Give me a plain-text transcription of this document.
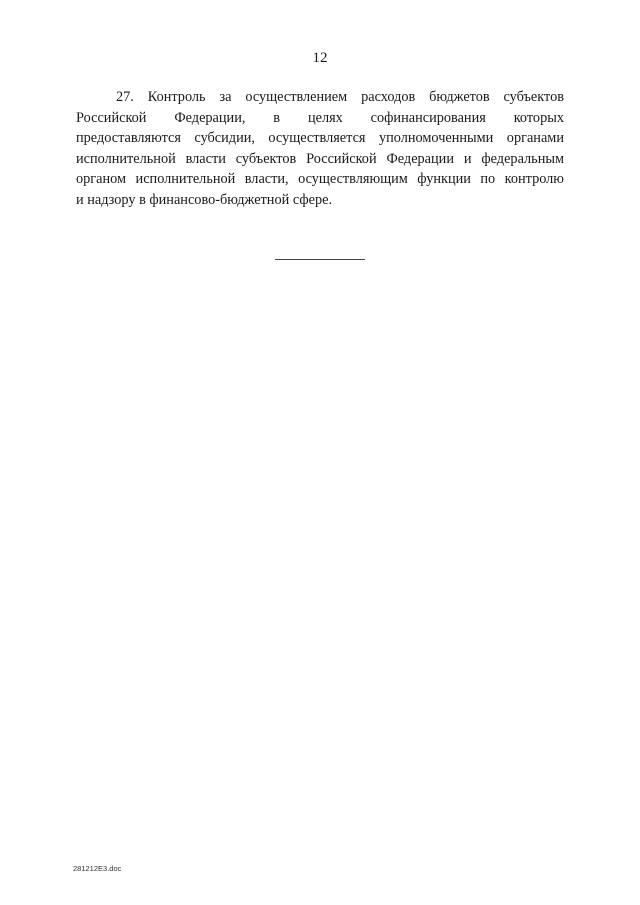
12
27. Контроль за осуществлением расходов бюджетов субъектов
Российской Федерации, в целях софинансирования которых
предоставляются субсидии, осуществляется уполномоченными органами
исполнительной власти субъектов Российской Федерации и федеральным
органом исполнительной власти, осуществляющим функции по контролю
и надзору в финансово-бюджетной сфере.
281212E3.doc
